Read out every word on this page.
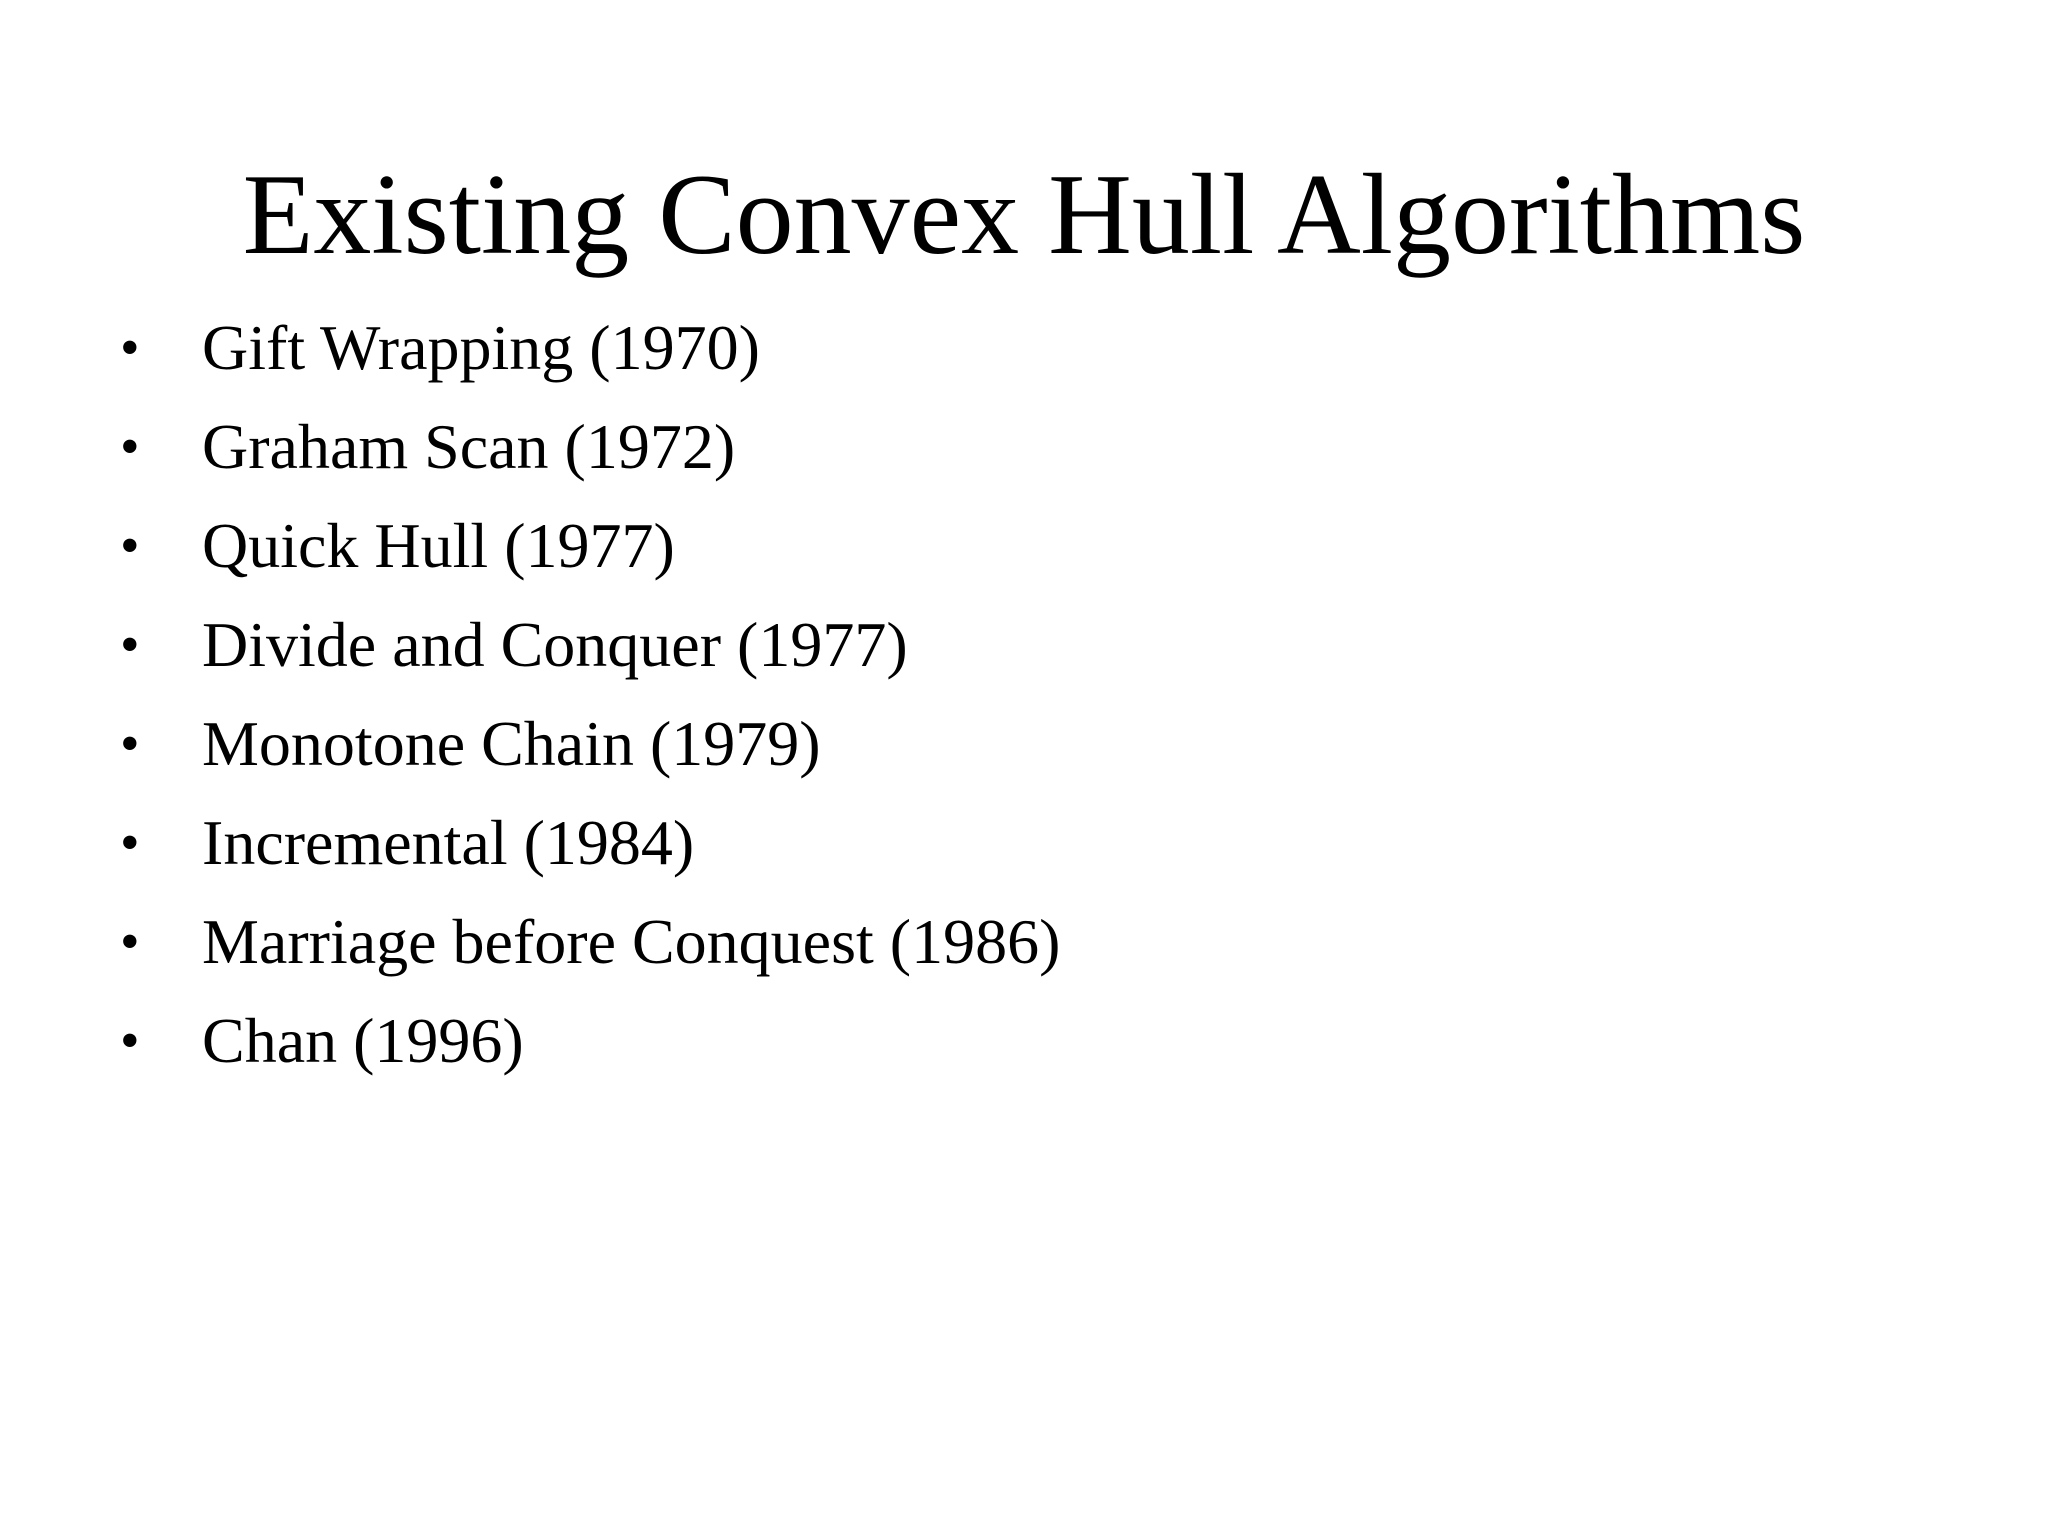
Existing Convex Hull Algorithms
• Gift Wrapping (1970)
• Graham Scan (1972)
• Quick Hull (1977)
• Divide and Conquer (1977)
• Monotone Chain (1979)
• Incremental (1984)
• Marriage before Conquest (1986)
• Chan (1996)
